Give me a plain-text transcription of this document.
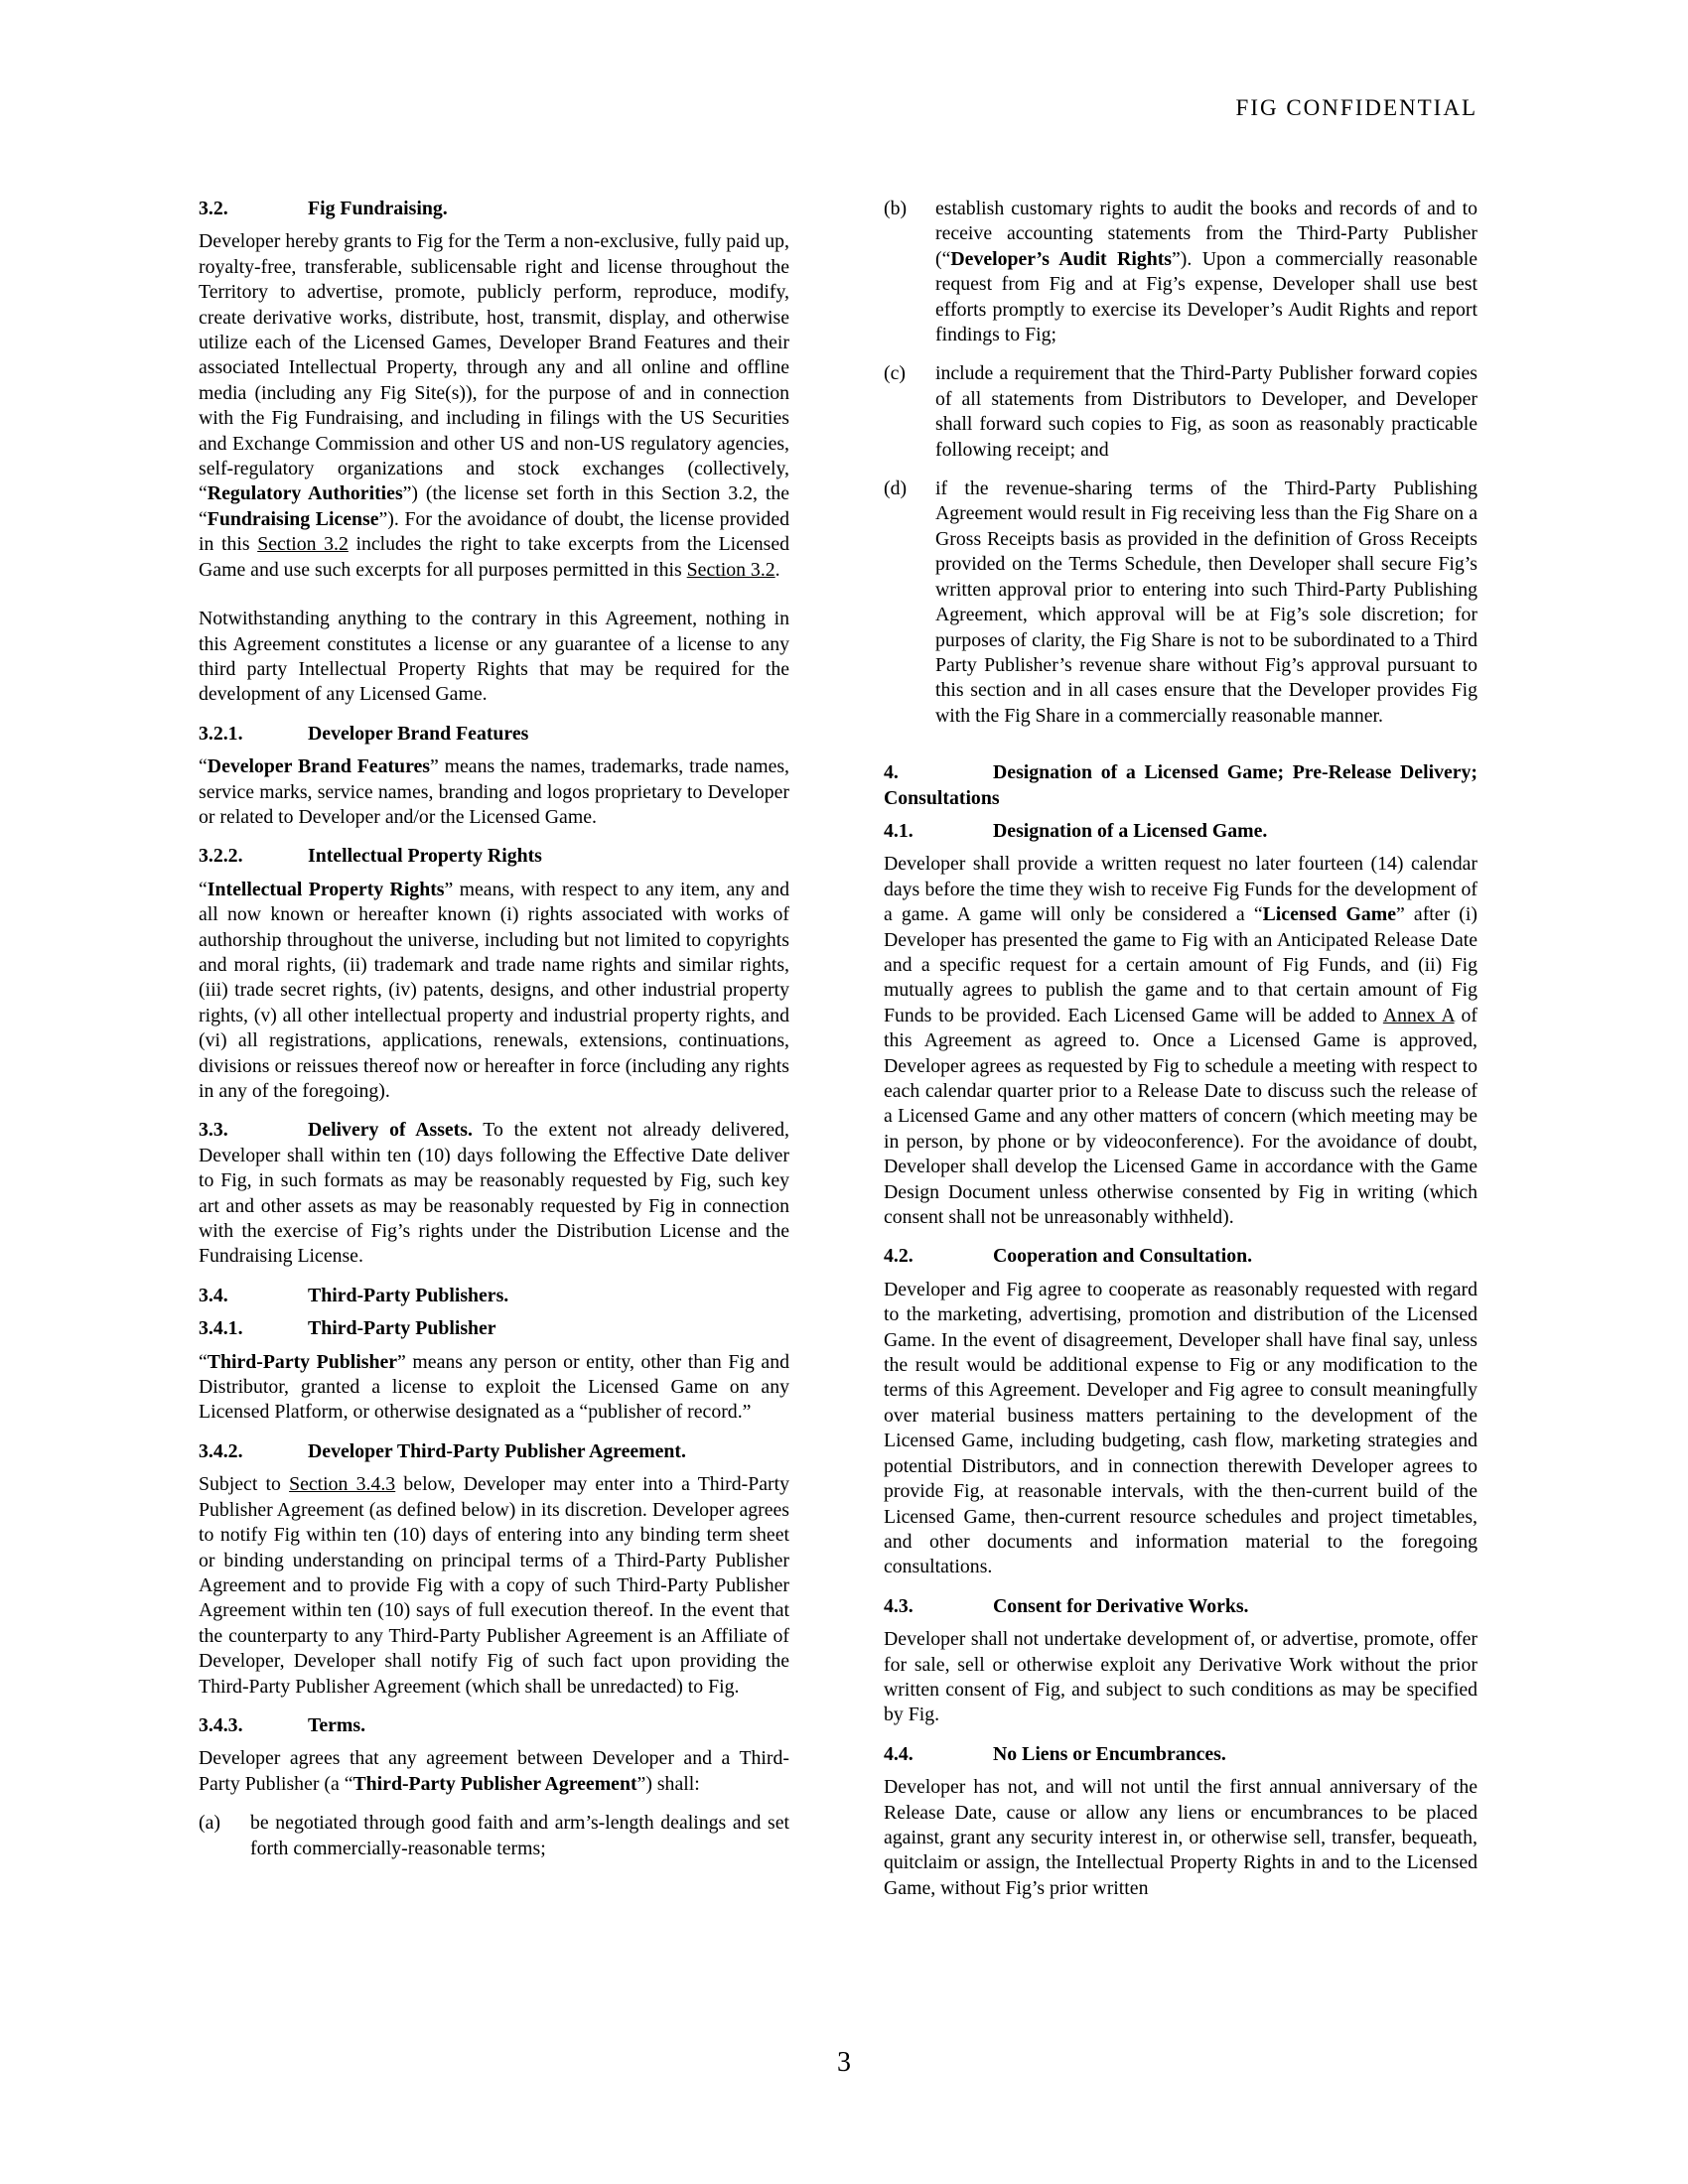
FIG CONFIDENTIAL

3.2.	Fig Fundraising.

Developer hereby grants to Fig for the Term a non-exclusive, fully paid up, royalty-free, transferable, sublicensable right and license throughout the Territory to advertise, promote, publicly perform, reproduce, modify, create derivative works, distribute, host, transmit, display, and otherwise utilize each of the Licensed Games, Developer Brand Features and their associated Intellectual Property, through any and all online and offline media (including any Fig Site(s)), for the purpose of and in connection with the Fig Fundraising, and including in filings with the US Securities and Exchange Commission and other US and non-US regulatory agencies, self-regulatory organizations and stock exchanges (collectively, “Regulatory Authorities”) (the license set forth in this Section 3.2, the “Fundraising License”). For the avoidance of doubt, the license provided in this Section 3.2 includes the right to take excerpts from the Licensed Game and use such excerpts for all purposes permitted in this Section 3.2.

Notwithstanding anything to the contrary in this Agreement, nothing in this Agreement constitutes a license or any guarantee of a license to any third party Intellectual Property Rights that may be required for the development of any Licensed Game.

3.2.1.	Developer Brand Features

“Developer Brand Features” means the names, trademarks, trade names, service marks, service names, branding and logos proprietary to Developer or related to Developer and/or the Licensed Game.

3.2.2.	Intellectual Property Rights

“Intellectual Property Rights” means, with respect to any item, any and all now known or hereafter known (i) rights associated with works of authorship throughout the universe, including but not limited to copyrights and moral rights, (ii) trademark and trade name rights and similar rights, (iii) trade secret rights, (iv) patents, designs, and other industrial property rights, (v) all other intellectual property and industrial property rights, and (vi) all registrations, applications, renewals, extensions, continuations, divisions or reissues thereof now or hereafter in force (including any rights in any of the foregoing).

3.3.	Delivery of Assets. To the extent not already delivered, Developer shall within ten (10) days following the Effective Date deliver to Fig, in such formats as may be reasonably requested by Fig, such key art and other assets as may be reasonably requested by Fig in connection with the exercise of Fig’s rights under the Distribution License and the Fundraising License.

3.4.	Third-Party Publishers.

3.4.1.	Third-Party Publisher

“Third-Party Publisher” means any person or entity, other than Fig and Distributor, granted a license to exploit the Licensed Game on any Licensed Platform, or otherwise designated as a “publisher of record.”

3.4.2.	Developer Third-Party Publisher Agreement.

Subject to Section 3.4.3 below, Developer may enter into a Third-Party Publisher Agreement (as defined below) in its discretion. Developer agrees to notify Fig within ten (10) days of entering into any binding term sheet or binding understanding on principal terms of a Third-Party Publisher Agreement and to provide Fig with a copy of such Third-Party Publisher Agreement within ten (10) says of full execution thereof. In the event that the counterparty to any Third-Party Publisher Agreement is an Affiliate of Developer, Developer shall notify Fig of such fact upon providing the Third-Party Publisher Agreement (which shall be unredacted) to Fig.

3.4.3.	Terms.

Developer agrees that any agreement between Developer and a Third-Party Publisher (a “Third-Party Publisher Agreement”) shall:

(a) be negotiated through good faith and arm’s-length dealings and set forth commercially-reasonable terms;
(b) establish customary rights to audit the books and records of and to receive accounting statements from the Third-Party Publisher (“Developer’s Audit Rights”). Upon a commercially reasonable request from Fig and at Fig’s expense, Developer shall use best efforts promptly to exercise its Developer’s Audit Rights and report findings to Fig;
(c) include a requirement that the Third-Party Publisher forward copies of all statements from Distributors to Developer, and Developer shall forward such copies to Fig, as soon as reasonably practicable following receipt; and
(d) if the revenue-sharing terms of the Third-Party Publishing Agreement would result in Fig receiving less than the Fig Share on a Gross Receipts basis as provided in the definition of Gross Receipts provided on the Terms Schedule, then Developer shall secure Fig’s written approval prior to entering into such Third-Party Publishing Agreement, which approval will be at Fig’s sole discretion; for purposes of clarity, the Fig Share is not to be subordinated to a Third Party Publisher’s revenue share without Fig’s approval pursuant to this section and in all cases ensure that the Developer provides Fig with the Fig Share in a commercially reasonable manner.

4.	Designation of a Licensed Game; Pre-Release Delivery; Consultations

4.1.	Designation of a Licensed Game.

Developer shall provide a written request no later fourteen (14) calendar days before the time they wish to receive Fig Funds for the development of a game. A game will only be considered a “Licensed Game” after (i) Developer has presented the game to Fig with an Anticipated Release Date and a specific request for a certain amount of Fig Funds, and (ii) Fig mutually agrees to publish the game and to that certain amount of Fig Funds to be provided. Each Licensed Game will be added to Annex A of this Agreement as agreed to. Once a Licensed Game is approved, Developer agrees as requested by Fig to schedule a meeting with respect to each calendar quarter prior to a Release Date to discuss such the release of a Licensed Game and any other matters of concern (which meeting may be in person, by phone or by videoconference). For the avoidance of doubt, Developer shall develop the Licensed Game in accordance with the Game Design Document unless otherwise consented by Fig in writing (which consent shall not be unreasonably withheld).

4.2.	Cooperation and Consultation.

Developer and Fig agree to cooperate as reasonably requested with regard to the marketing, advertising, promotion and distribution of the Licensed Game. In the event of disagreement, Developer shall have final say, unless the result would be additional expense to Fig or any modification to the terms of this Agreement. Developer and Fig agree to consult meaningfully over material business matters pertaining to the development of the Licensed Game, including budgeting, cash flow, marketing strategies and potential Distributors, and in connection therewith Developer agrees to provide Fig, at reasonable intervals, with the then-current build of the Licensed Game, then-current resource schedules and project timetables, and other documents and information material to the foregoing consultations.

4.3.	Consent for Derivative Works.

Developer shall not undertake development of, or advertise, promote, offer for sale, sell or otherwise exploit any Derivative Work without the prior written consent of Fig, and subject to such conditions as may be specified by Fig.

4.4.	No Liens or Encumbrances.

Developer has not, and will not until the first annual anniversary of the Release Date, cause or allow any liens or encumbrances to be placed against, grant any security interest in, or otherwise sell, transfer, bequeath, quitclaim or assign, the Intellectual Property Rights in and to the Licensed Game, without Fig’s prior written

3
